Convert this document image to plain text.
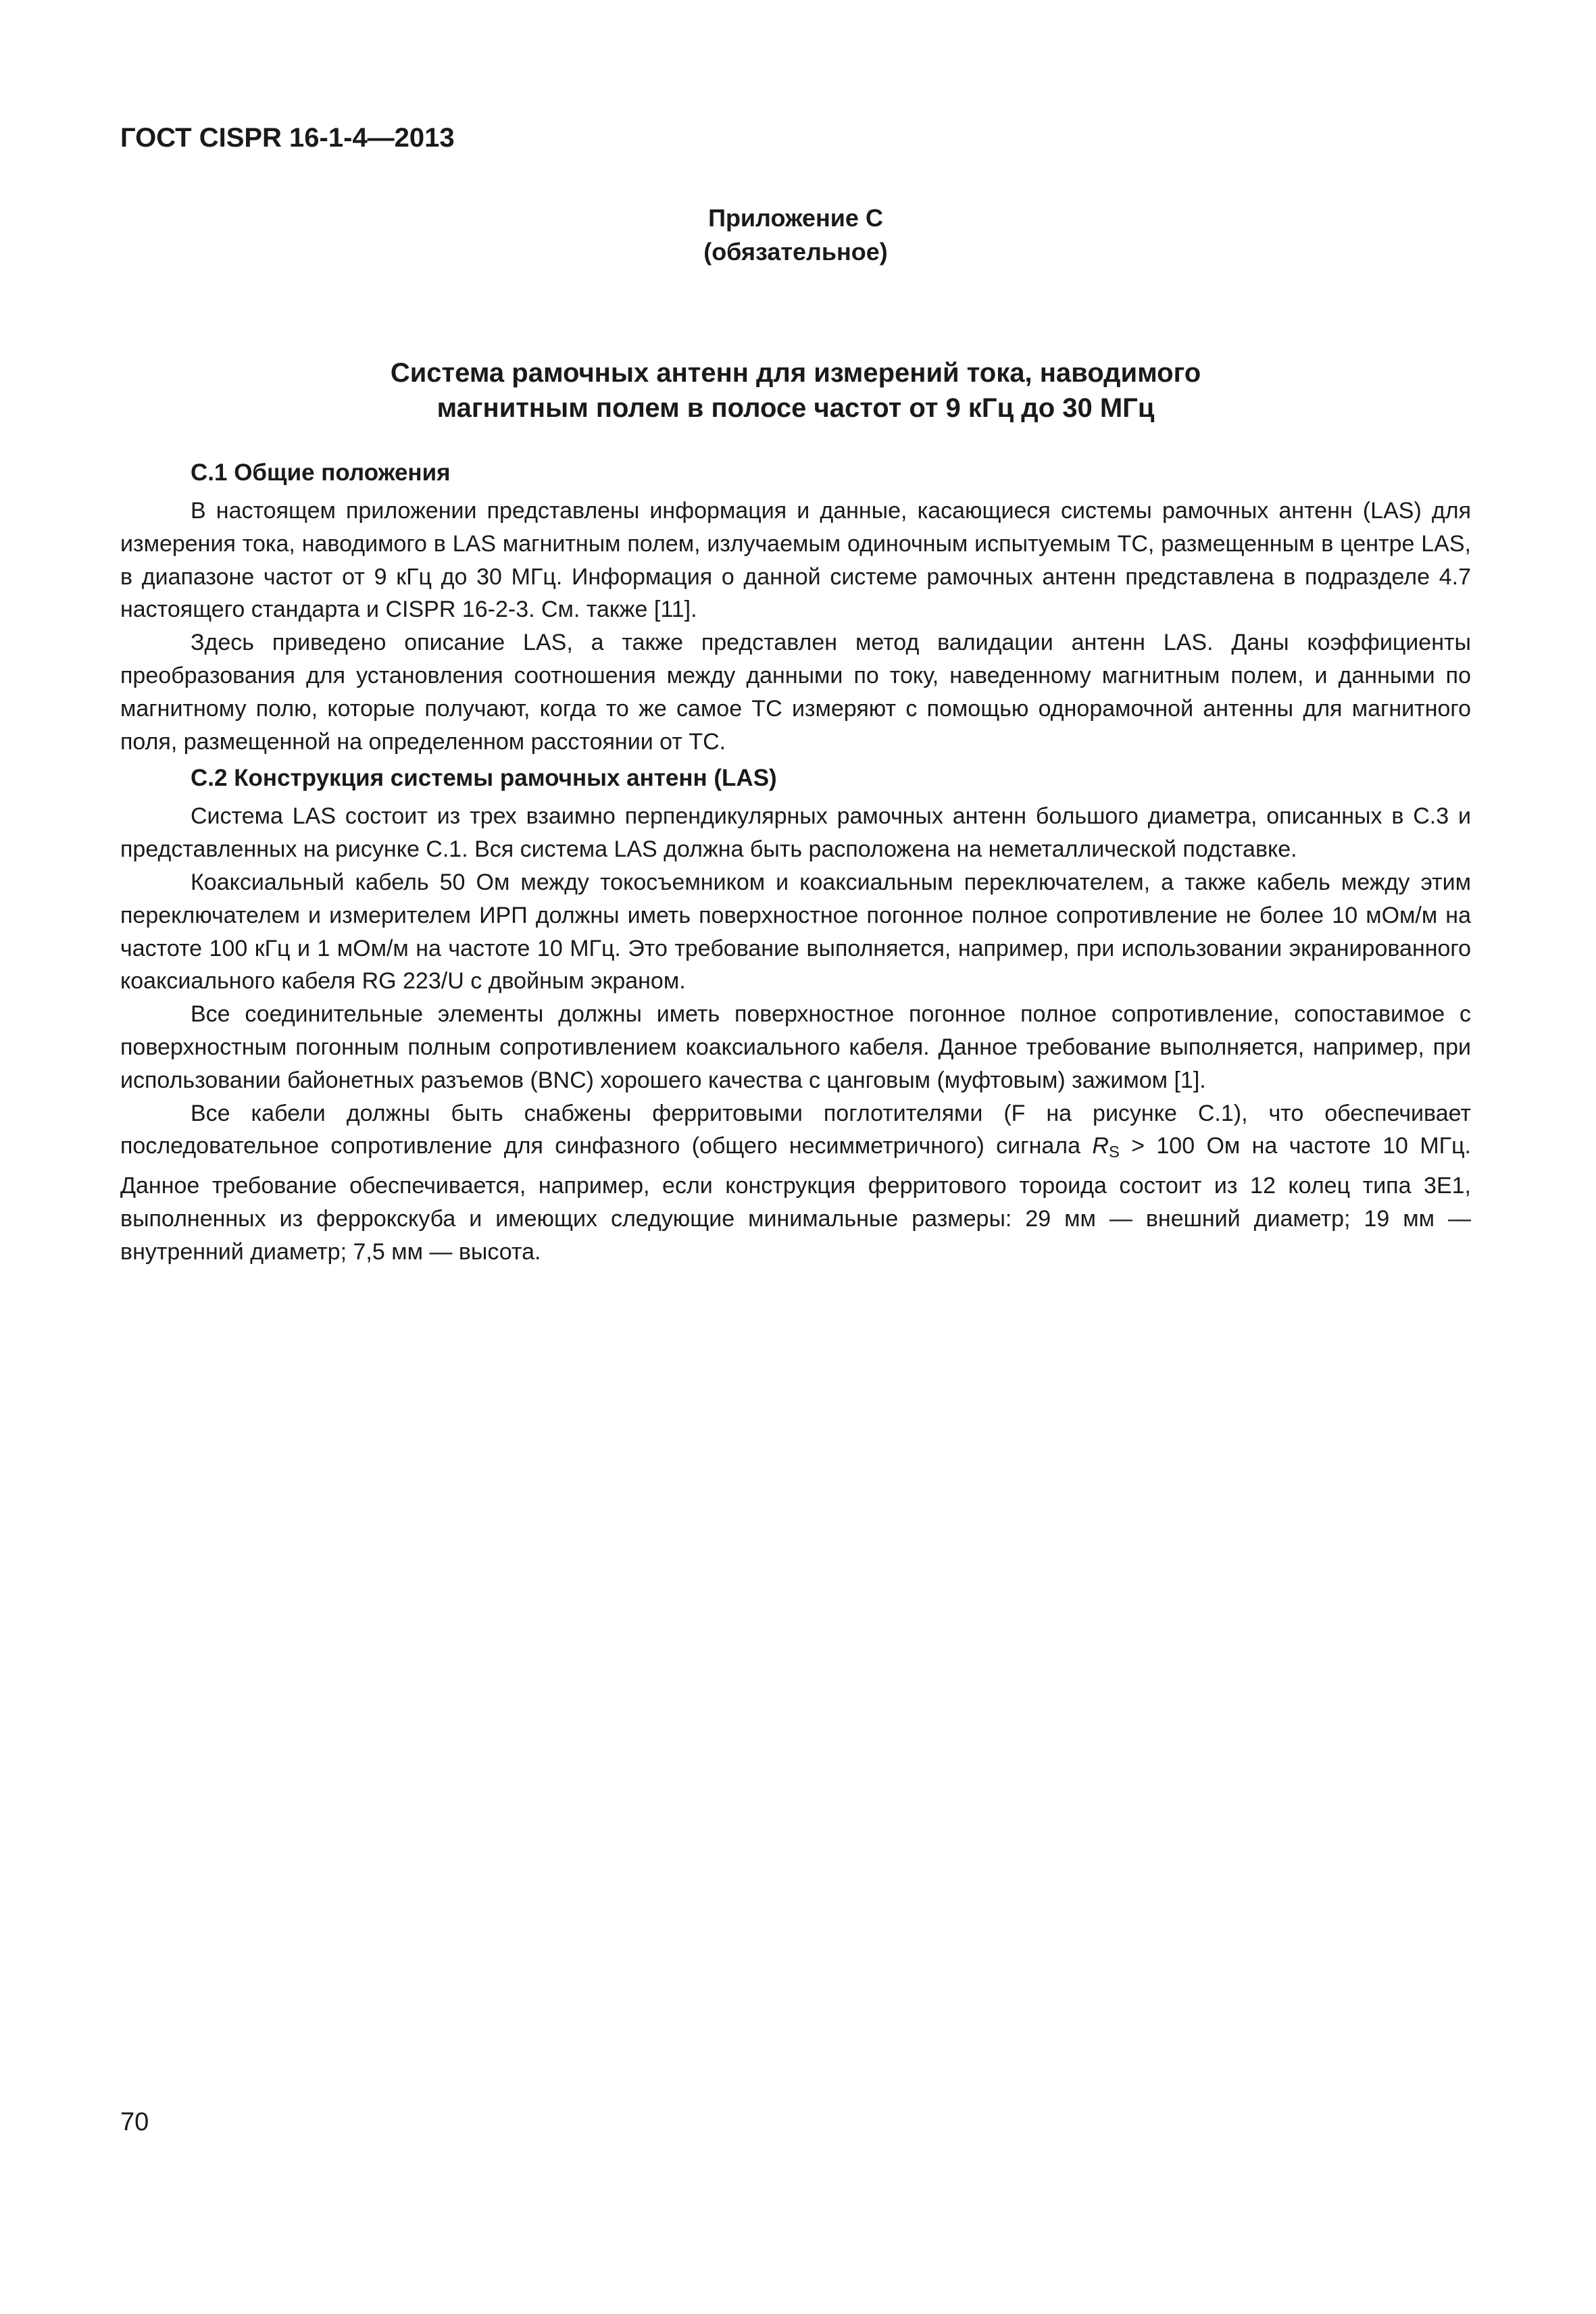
ГОСТ CISPR 16-1-4—2013
Приложение С
(обязательное)
Система рамочных антенн для измерений тока, наводимого
магнитным полем в полосе частот от 9 кГц до 30 МГц
С.1 Общие положения

В настоящем приложении представлены информация и данные, касающиеся системы рамочных антенн (LAS) для измерения тока, наводимого в LAS магнитным полем, излучаемым одиночным испытуемым ТС, размещенным в центре LAS, в диапазоне частот от 9 кГц до 30 МГц. Информация о данной системе рамочных антенн представлена в подразделе 4.7 настоящего стандарта и CISPR 16-2-3. См. также [11].

Здесь приведено описание LAS, а также представлен метод валидации антенн LAS. Даны коэффициенты преобразования для установления соотношения между данными по току, наведенному магнитным полем, и данными по магнитному полю, которые получают, когда то же самое ТС измеряют с помощью однорамочной антенны для магнитного поля, размещенной на определенном расстоянии от ТС.

С.2 Конструкция системы рамочных антенн (LAS)

Система LAS состоит из трех взаимно перпендикулярных рамочных антенн большого диаметра, описанных в С.3 и представленных на рисунке С.1. Вся система LAS должна быть расположена на неметаллической подставке.

Коаксиальный кабель 50 Ом между токосъемником и коаксиальным переключателем, а также кабель между этим переключателем и измерителем ИРП должны иметь поверхностное погонное полное сопротивление не более 10 мОм/м на частоте 100 кГц и 1 мОм/м на частоте 10 МГц. Это требование выполняется, например, при использовании экранированного коаксиального кабеля RG 223/U с двойным экраном.

Все соединительные элементы должны иметь поверхностное погонное полное сопротивление, сопоставимое с поверхностным погонным полным сопротивлением коаксиального кабеля. Данное требование выполняется, например, при использовании байонетных разъемов (BNC) хорошего качества с цанговым (муфтовым) зажимом [1].

Все кабели должны быть снабжены ферритовыми поглотителями (F на рисунке С.1), что обеспечивает последовательное сопротивление для синфазного (общего несимметричного) сигнала $R_S > 100$ Ом на частоте 10 МГц. Данное требование обеспечивается, например, если конструкция ферритового тороида состоит из 12 колец типа 3Е1, выполненных из феррокскуба и имеющих следующие минимальные размеры: 29 мм — внешний диаметр; 19 мм — внутренний диаметр; 7,5 мм — высота.

70
